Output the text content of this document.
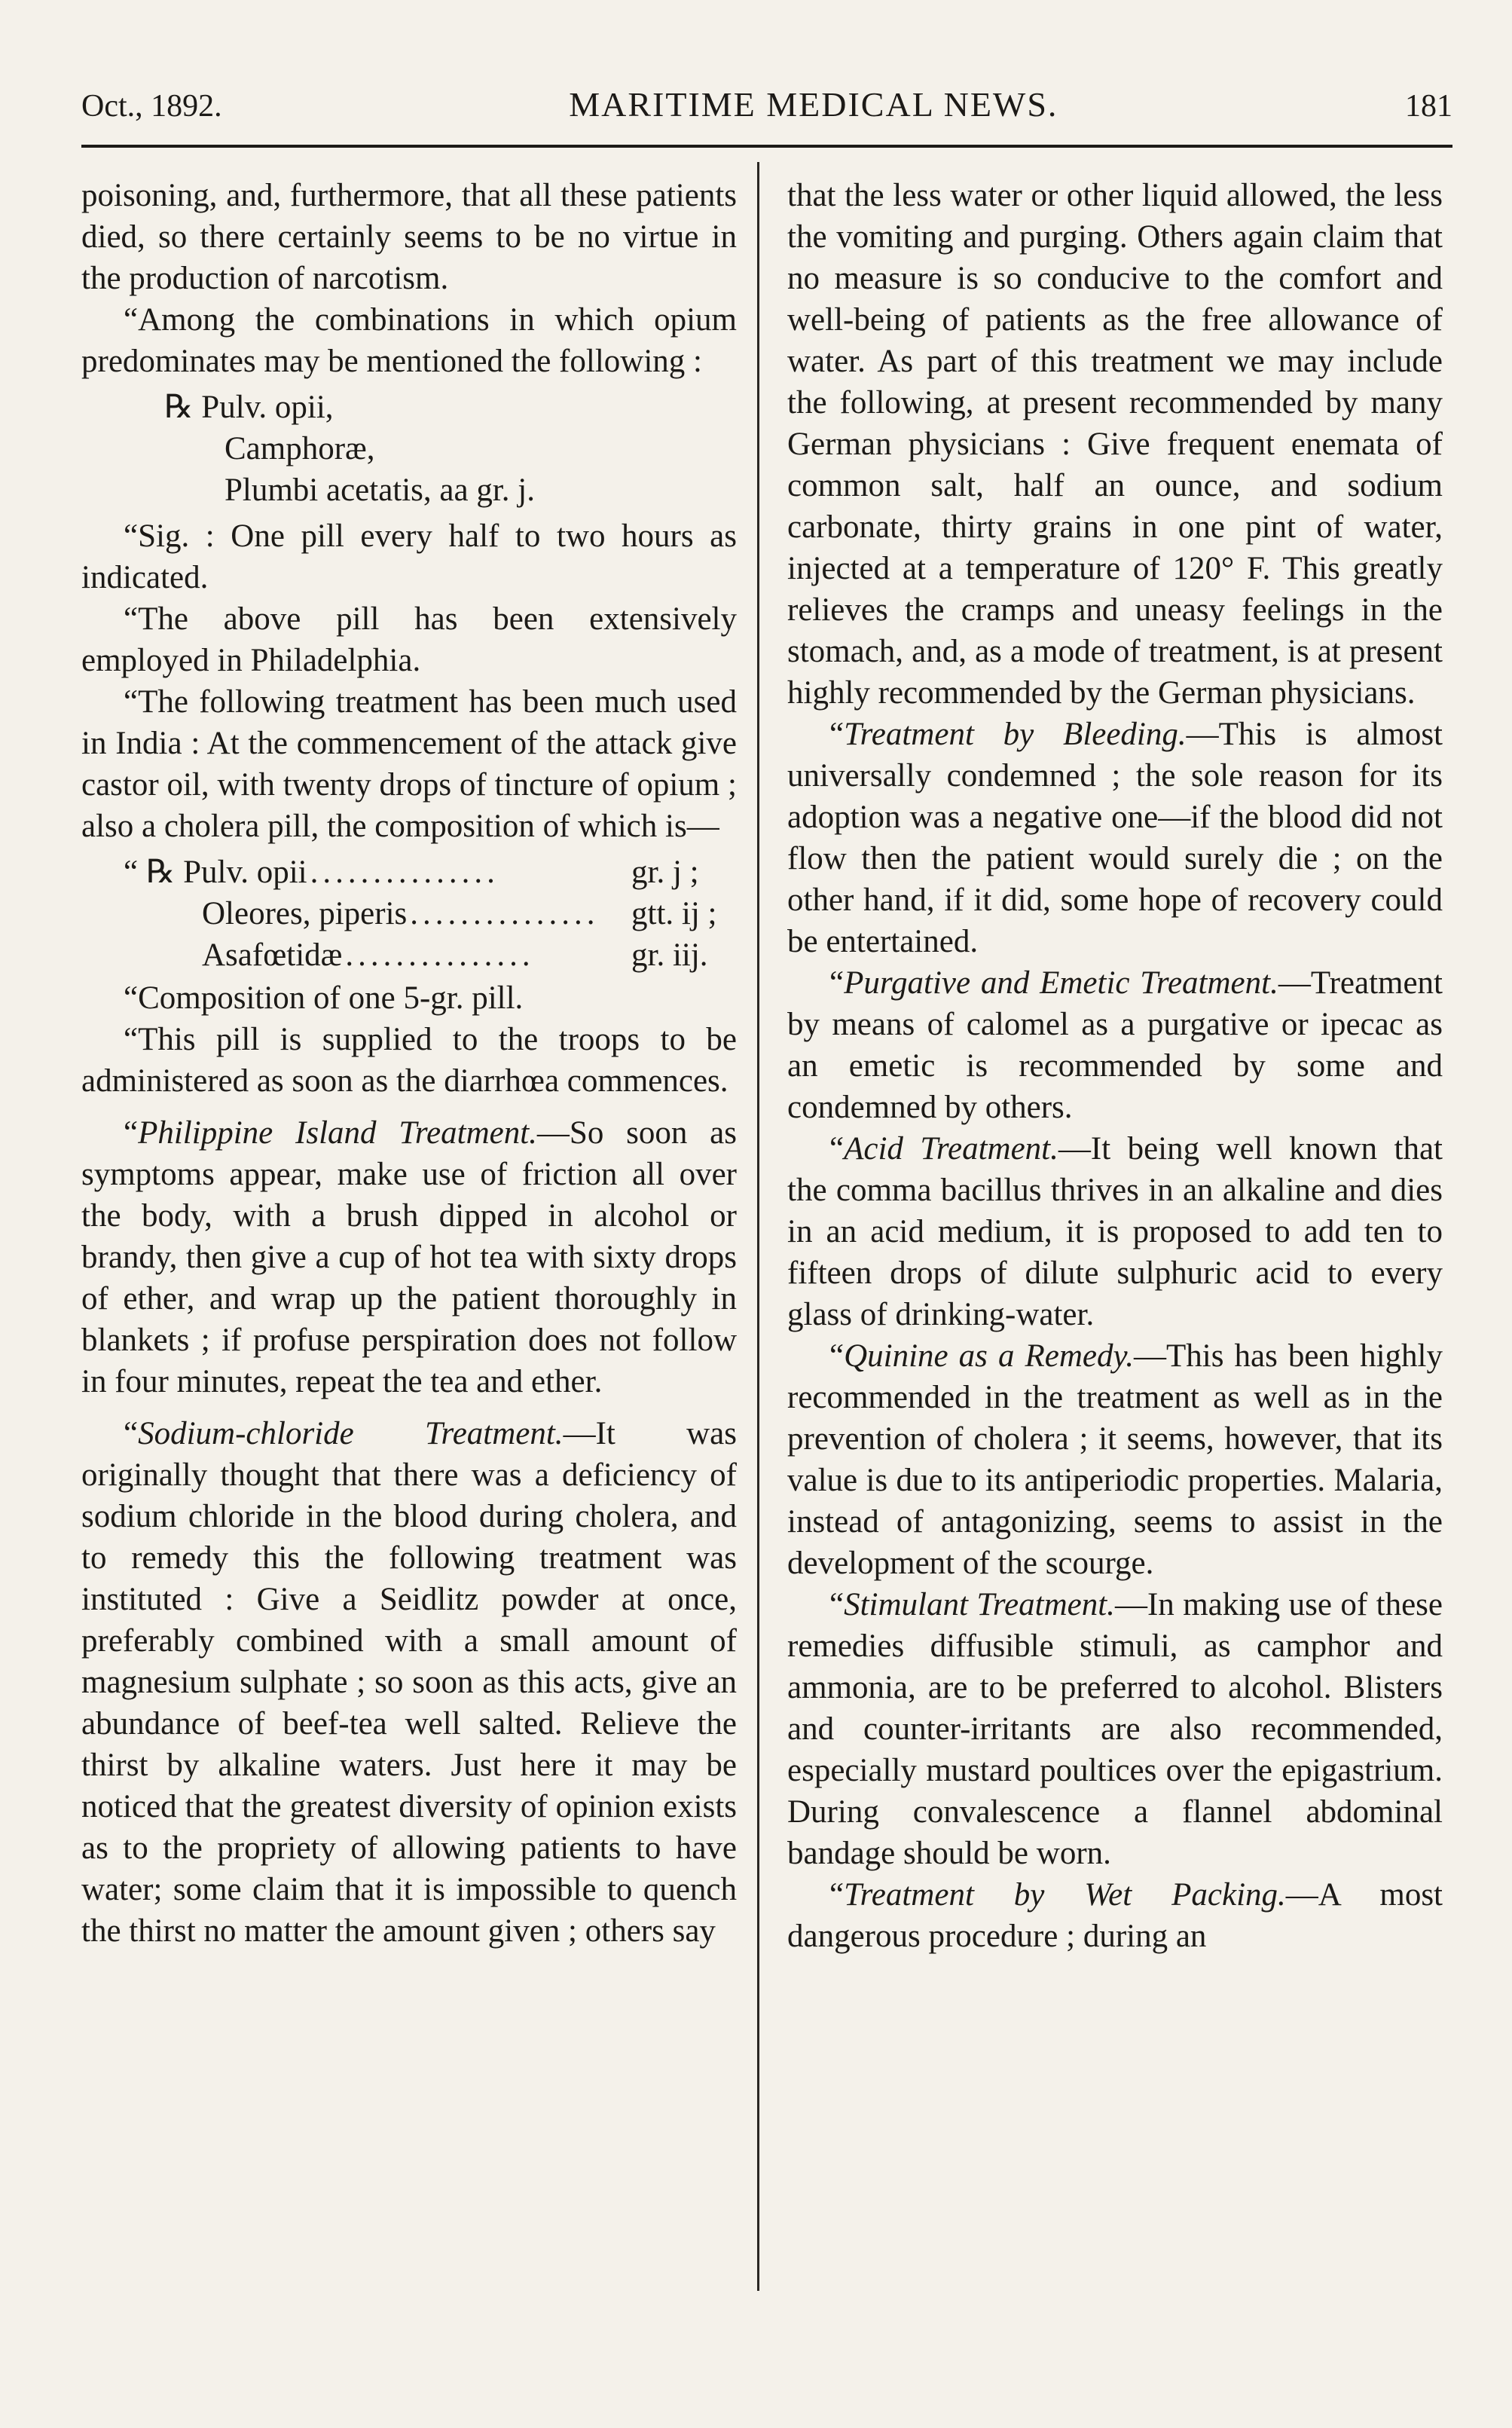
Oct., 1892.	MARITIME MEDICAL NEWS.	181

poisoning, and, furthermore, that all these patients died, so there certainly seems to be no virtue in the production of narcotism.

“Among the combinations in which opium predominates may be mentioned the following :

℞ Pulv. opii,
Camphoræ,
Plumbi acetatis, aa gr. j.

“Sig. : One pill every half to two hours as indicated.

“The above pill has been extensively employed in Philadelphia.

“The following treatment has been much used in India : At the commencement of the attack give castor oil, with twenty drops of tincture of opium ; also a cholera pill, the composition of which is—

“ ℞ Pulv. opii ...............	gr. j ;
Oleores, piperis ............... gtt. ij ;
Asafœtidæ ...............	gr. iij.

“Composition of one 5-gr. pill.

“This pill is supplied to the troops to be administered as soon as the diarrhœa commences.

“Philippine Island Treatment.—So soon as symptoms appear, make use of friction all over the body, with a brush dipped in alcohol or brandy, then give a cup of hot tea with sixty drops of ether, and wrap up the patient thoroughly in blankets ; if profuse perspiration does not follow in four minutes, repeat the tea and ether.

“Sodium-chloride Treatment.—It was originally thought that there was a deficiency of sodium chloride in the blood during cholera, and to remedy this the following treatment was instituted : Give a Seidlitz powder at once, preferably combined with a small amount of magnesium sulphate ; so soon as this acts, give an abundance of beef-tea well salted. Relieve the thirst by alkaline waters. Just here it may be noticed that the greatest diversity of opinion exists as to the propriety of allowing patients to have water; some claim that it is impossible to quench the thirst no matter the amount given ; others say

that the less water or other liquid allowed, the less the vomiting and purging. Others again claim that no measure is so conducive to the comfort and well-being of patients as the free allowance of water. As part of this treatment we may include the following, at present recommended by many German physicians : Give frequent enemata of common salt, half an ounce, and sodium carbonate, thirty grains in one pint of water, injected at a temperature of 120° F. This greatly relieves the cramps and uneasy feelings in the stomach, and, as a mode of treatment, is at present highly recommended by the German physicians.

“Treatment by Bleeding.—This is almost universally condemned ; the sole reason for its adoption was a negative one—if the blood did not flow then the patient would surely die ; on the other hand, if it did, some hope of recovery could be entertained.

“Purgative and Emetic Treatment.—Treatment by means of calomel as a purgative or ipecac as an emetic is recommended by some and condemned by others.

“Acid Treatment.—It being well known that the comma bacillus thrives in an alkaline and dies in an acid medium, it is proposed to add ten to fifteen drops of dilute sulphuric acid to every glass of drinking-water.

“Quinine as a Remedy.—This has been highly recommended in the treatment as well as in the prevention of cholera ; it seems, however, that its value is due to its antiperiodic properties. Malaria, instead of antagonizing, seems to assist in the development of the scourge.

“Stimulant Treatment.—In making use of these remedies diffusible stimuli, as camphor and ammonia, are to be preferred to alcohol. Blisters and counter-irritants are also recommended, especially mustard poultices over the epigastrium. During convalescence a flannel abdominal bandage should be worn.

“Treatment by Wet Packing.—A most dangerous procedure ; during an
